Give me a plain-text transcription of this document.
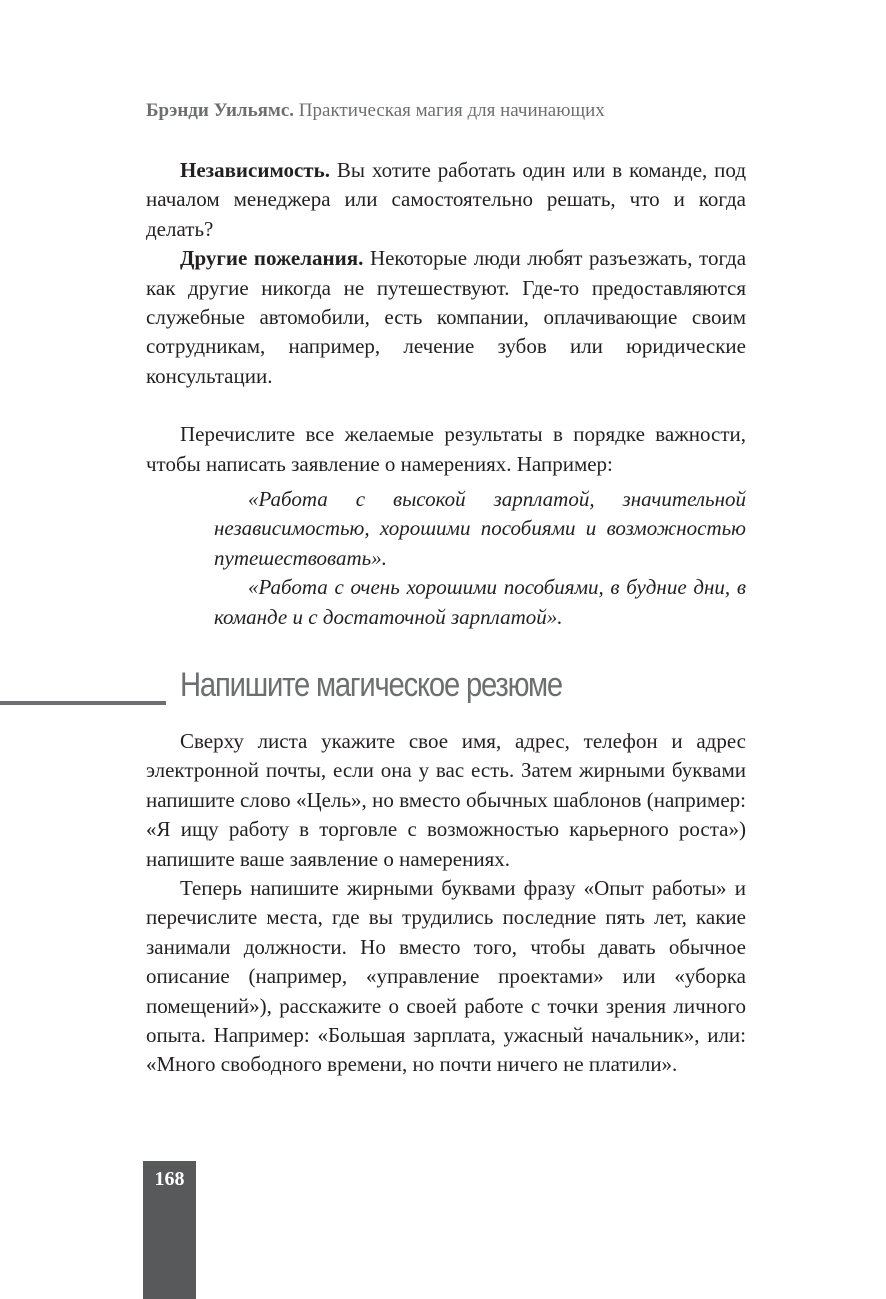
Брэнди Уильямс. Практическая магия для начинающих

Независимость. Вы хотите работать один или в команде, под началом менеджера или самостоятельно решать, что и когда делать?

Другие пожелания. Некоторые люди любят разъезжать, тогда как другие никогда не путешествуют. Где-то предоставляются служебные автомобили, есть компании, оплачивающие своим сотрудникам, например, лечение зубов или юридические консультации.

Перечислите все желаемые результаты в порядке важности, чтобы написать заявление о намерениях. Например:

«Работа с высокой зарплатой, значительной независимостью, хорошими пособиями и возможностью путешествовать».

«Работа с очень хорошими пособиями, в будние дни, в команде и с достаточной зарплатой».

Напишите магическое резюме

Сверху листа укажите свое имя, адрес, телефон и адрес электронной почты, если она у вас есть. Затем жирными буквами напишите слово «Цель», но вместо обычных шаблонов (например: «Я ищу работу в торговле с возможностью карьерного роста») напишите ваше заявление о намерениях.

Теперь напишите жирными буквами фразу «Опыт работы» и перечислите места, где вы трудились последние пять лет, какие занимали должности. Но вместо того, чтобы давать обычное описание (например, «управление проектами» или «уборка помещений»), расскажите о своей работе с точки зрения личного опыта. Например: «Большая зарплата, ужасный начальник», или: «Много свободного времени, но почти ничего не платили».

168
